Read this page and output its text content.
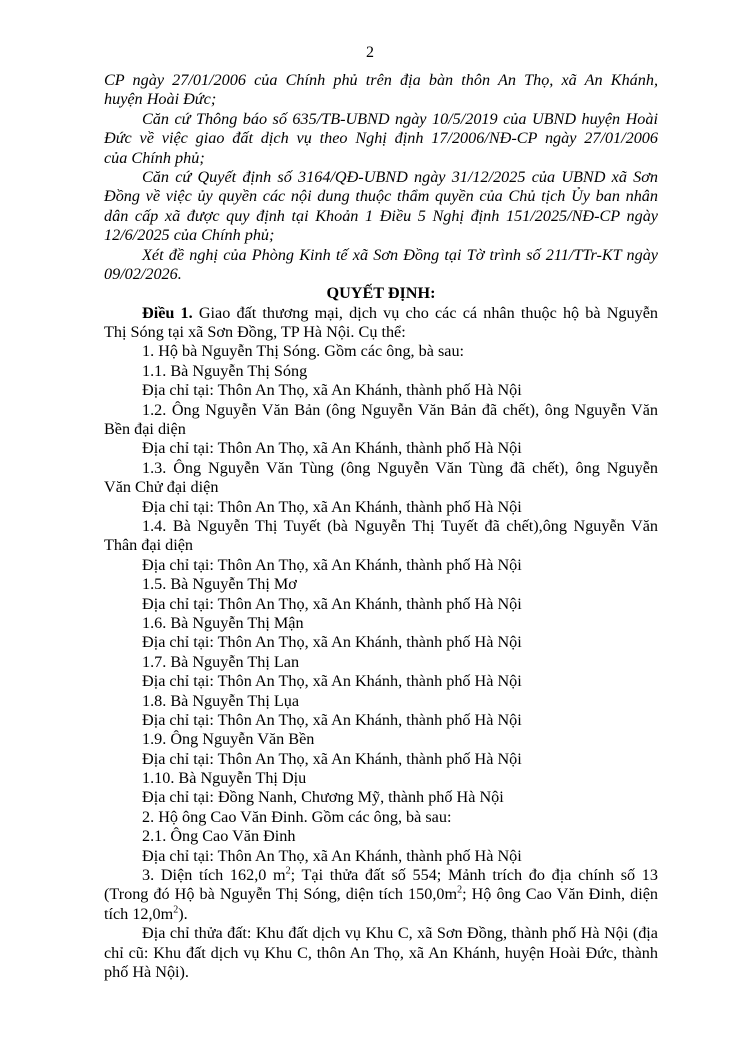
2
CP ngày 27/01/2006 của Chính phủ trên địa bàn thôn An Thọ, xã An Khánh,
huyện Hoài Đức;
Căn cứ Thông báo số 635/TB-UBND ngày 10/5/2019 của UBND huyện Hoài
Đức về việc giao đất dịch vụ theo Nghị định 17/2006/NĐ-CP ngày 27/01/2006
của Chính phủ;
Căn cứ Quyết định số 3164/QĐ-UBND ngày 31/12/2025 của UBND xã Sơn
Đồng về việc ủy quyền các nội dung thuộc thẩm quyền của Chủ tịch Ủy ban nhân
dân cấp xã được quy định tại Khoản 1 Điều 5 Nghị định 151/2025/NĐ-CP ngày
12/6/2025 của Chính phủ;
Xét đề nghị của Phòng Kinh tế xã Sơn Đồng tại Tờ trình số 211/TTr-KT ngày
09/02/2026.
QUYẾT ĐỊNH:
Điều 1. Giao đất thương mại, dịch vụ cho các cá nhân thuộc hộ bà Nguyễn
Thị Sóng tại xã Sơn Đồng, TP Hà Nội. Cụ thể:
1. Hộ bà Nguyễn Thị Sóng. Gồm các ông, bà sau:
1.1. Bà Nguyễn Thị Sóng
Địa chỉ tại: Thôn An Thọ, xã An Khánh, thành phố Hà Nội
1.2. Ông Nguyễn Văn Bản (ông Nguyễn Văn Bản đã chết), ông Nguyễn Văn
Bền đại diện
Địa chỉ tại: Thôn An Thọ, xã An Khánh, thành phố Hà Nội
1.3. Ông Nguyễn Văn Tùng (ông Nguyễn Văn Tùng đã chết), ông Nguyễn
Văn Chử đại diện
Địa chỉ tại: Thôn An Thọ, xã An Khánh, thành phố Hà Nội
1.4. Bà Nguyễn Thị Tuyết (bà Nguyễn Thị Tuyết đã chết),ông Nguyễn Văn
Thân đại diện
Địa chỉ tại: Thôn An Thọ, xã An Khánh, thành phố Hà Nội
1.5. Bà Nguyễn Thị Mơ
Địa chỉ tại: Thôn An Thọ, xã An Khánh, thành phố Hà Nội
1.6. Bà Nguyễn Thị Mận
Địa chỉ tại: Thôn An Thọ, xã An Khánh, thành phố Hà Nội
1.7. Bà Nguyễn Thị Lan
Địa chỉ tại: Thôn An Thọ, xã An Khánh, thành phố Hà Nội
1.8. Bà Nguyễn Thị Lụa
Địa chỉ tại: Thôn An Thọ, xã An Khánh, thành phố Hà Nội
1.9. Ông Nguyễn Văn Bền
Địa chỉ tại: Thôn An Thọ, xã An Khánh, thành phố Hà Nội
1.10. Bà Nguyễn Thị Dịu
Địa chỉ tại: Đồng Nanh, Chương Mỹ, thành phố Hà Nội
2. Hộ ông Cao Văn Đinh. Gồm các ông, bà sau:
2.1. Ông Cao Văn Đinh
Địa chỉ tại: Thôn An Thọ, xã An Khánh, thành phố Hà Nội
3. Diện tích 162,0 $m^2$; Tại thửa đất số 554; Mảnh trích đo địa chính số 13
(Trong đó Hộ bà Nguyễn Thị Sóng, diện tích $150,0m^2$; Hộ ông Cao Văn Đinh, diện
tích $12,0m^2$).
Địa chỉ thửa đất: Khu đất dịch vụ Khu C, xã Sơn Đồng, thành phố Hà Nội (địa
chỉ cũ: Khu đất dịch vụ Khu C, thôn An Thọ, xã An Khánh, huyện Hoài Đức, thành
phố Hà Nội).
